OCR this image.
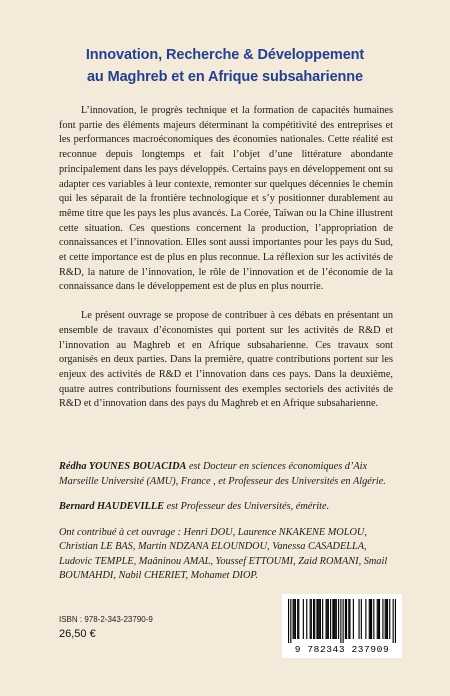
Innovation, Recherche & Développement
au Maghreb et en Afrique subsaharienne

L’innovation, le progrès technique et la formation de capacités humaines font partie des éléments majeurs déterminant la compétitivité des entreprises et les performances macroéconomiques des économies nationales. Cette réalité est reconnue depuis longtemps et fait l’objet d’une littérature abondante principalement dans les pays développés. Certains pays en développement ont su adapter ces variables à leur contexte, remonter sur quelques décennies le chemin qui les séparait de la frontière technologique et s’y positionner durablement au même titre que les pays les plus avancés. La Corée, Taïwan ou la Chine illustrent cette situation. Ces questions concernent la production, l’appropriation de connaissances et l’innovation. Elles sont aussi importantes pour les pays du Sud, et cette importance est de plus en plus reconnue. La réflexion sur les activités de R&D, la nature de l’innovation, le rôle de l’innovation et de l’économie de la connaissance dans le développement est de plus en plus nourrie.

Le présent ouvrage se propose de contribuer à ces débats en présentant un ensemble de travaux d’économistes qui portent sur les activités de R&D et l’innovation au Maghreb et en Afrique subsaharienne. Ces travaux sont organisés en deux parties. Dans la première, quatre contributions portent sur les enjeux des activités de R&D et l’innovation dans ces pays. Dans la deuxième, quatre autres contributions fournissent des exemples sectoriels des activités de R&D et d’innovation dans des pays du Maghreb et en Afrique subsaharienne.

Rédha YOUNES BOUACIDA est Docteur en sciences économiques d’Aix Marseille Université (AMU), France , et Professeur des Universités en Algérie.

Bernard HAUDEVILLE est Professeur des Universités, émérite.

Ont contribué à cet ouvrage : Henri DOU, Laurence NKAKENE MOLOU, Christian LE BAS, Martin NDZANA ELOUNDOU, Vanessa CASADELLA, Ludovic TEMPLE, Maâninou AMAL, Youssef ETTOUMI, Zaid ROMANI, Smail BOUMAHDI, Nabil CHERIET, Mohamet DIOP.

ISBN : 978-2-343-23790-9
26,50 €
9 782343 237909
